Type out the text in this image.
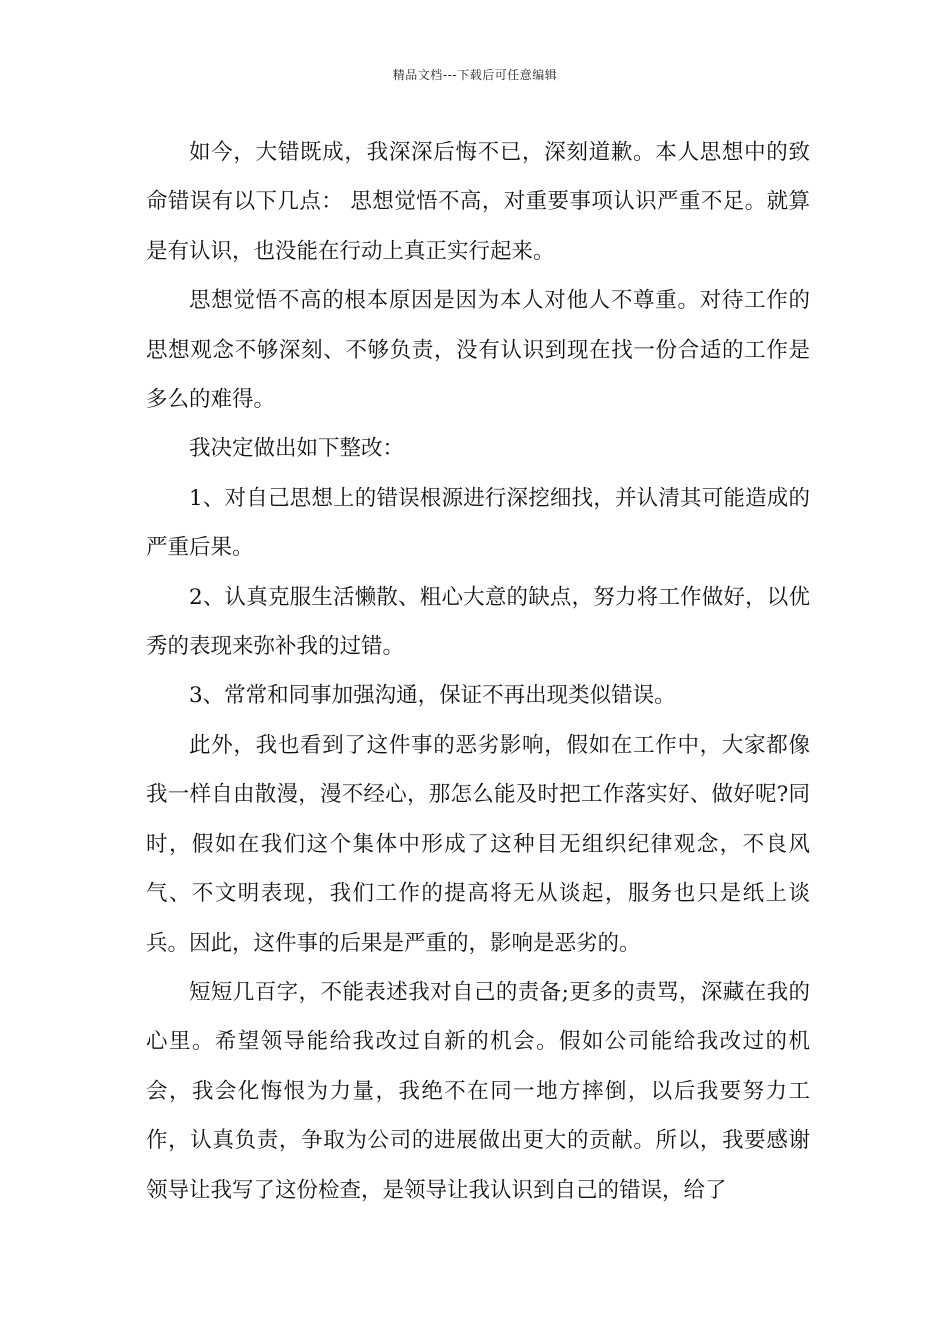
精品文档---下载后可任意编辑

如今，大错既成，我深深后悔不已，深刻道歉。本人思想中的致命错误有以下几点： 思想觉悟不高，对重要事项认识严重不足。就算是有认识，也没能在行动上真正实行起来。

思想觉悟不高的根本原因是因为本人对他人不尊重。对待工作的思想观念不够深刻、不够负责，没有认识到现在找一份合适的工作是多么的难得。

我决定做出如下整改：

1、对自己思想上的错误根源进行深挖细找，并认清其可能造成的严重后果。

2、认真克服生活懒散、粗心大意的缺点，努力将工作做好，以优秀的表现来弥补我的过错。

3、常常和同事加强沟通，保证不再出现类似错误。

此外，我也看到了这件事的恶劣影响，假如在工作中，大家都像我一样自由散漫，漫不经心，那怎么能及时把工作落实好、做好呢?同时，假如在我们这个集体中形成了这种目无组织纪律观念，不良风气、不文明表现，我们工作的提高将无从谈起，服务也只是纸上谈兵。因此，这件事的后果是严重的，影响是恶劣的。

短短几百字，不能表述我对自己的责备;更多的责骂，深藏在我的心里。希望领导能给我改过自新的机会。假如公司能给我改过的机会，我会化悔恨为力量，我绝不在同一地方摔倒，以后我要努力工作，认真负责，争取为公司的进展做出更大的贡献。所以，我要感谢领导让我写了这份检查，是领导让我认识到自己的错误，给了
